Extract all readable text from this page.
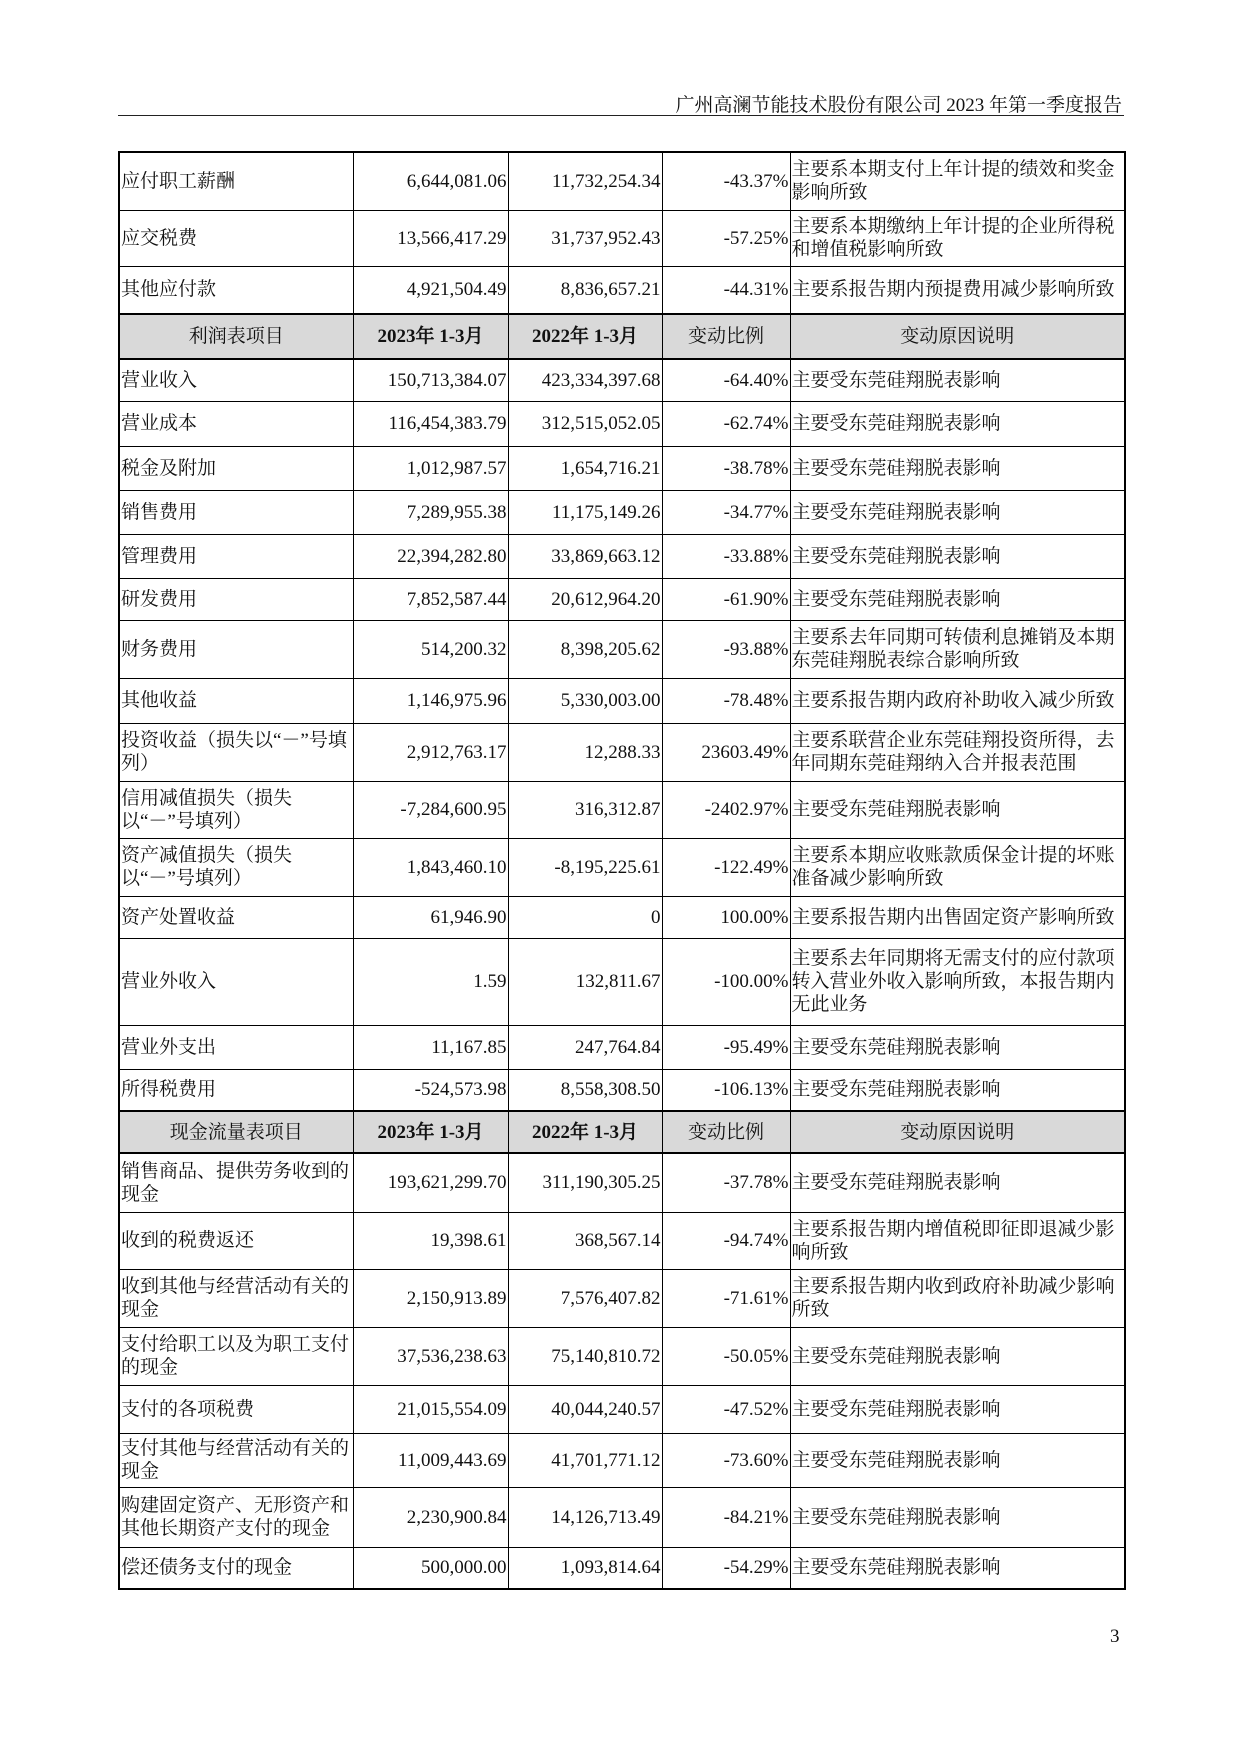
广州高澜节能技术股份有限公司 2023 年第一季度报告
应付职工薪酬	6,644,081.06	11,732,254.34	-43.37%	主要系本期支付上年计提的绩效和奖金影响所致
应交税费	13,566,417.29	31,737,952.43	-57.25%	主要系本期缴纳上年计提的企业所得税和增值税影响所致
其他应付款	4,921,504.49	8,836,657.21	-44.31%	主要系报告期内预提费用减少影响所致
利润表项目	2023年 1-3月	2022年 1-3月	变动比例	变动原因说明
营业收入	150,713,384.07	423,334,397.68	-64.40%	主要受东莞硅翔脱表影响
营业成本	116,454,383.79	312,515,052.05	-62.74%	主要受东莞硅翔脱表影响
税金及附加	1,012,987.57	1,654,716.21	-38.78%	主要受东莞硅翔脱表影响
销售费用	7,289,955.38	11,175,149.26	-34.77%	主要受东莞硅翔脱表影响
管理费用	22,394,282.80	33,869,663.12	-33.88%	主要受东莞硅翔脱表影响
研发费用	7,852,587.44	20,612,964.20	-61.90%	主要受东莞硅翔脱表影响
财务费用	514,200.32	8,398,205.62	-93.88%	主要系去年同期可转债利息摊销及本期东莞硅翔脱表综合影响所致
其他收益	1,146,975.96	5,330,003.00	-78.48%	主要系报告期内政府补助收入减少所致
投资收益（损失以“－”号填列）	2,912,763.17	12,288.33	23603.49%	主要系联营企业东莞硅翔投资所得，去年同期东莞硅翔纳入合并报表范围
信用减值损失（损失以“－”号填列）	-7,284,600.95	316,312.87	-2402.97%	主要受东莞硅翔脱表影响
资产减值损失（损失以“－”号填列）	1,843,460.10	-8,195,225.61	-122.49%	主要系本期应收账款质保金计提的坏账准备减少影响所致
资产处置收益	61,946.90	0	100.00%	主要系报告期内出售固定资产影响所致
营业外收入	1.59	132,811.67	-100.00%	主要系去年同期将无需支付的应付款项转入营业外收入影响所致，本报告期内无此业务
营业外支出	11,167.85	247,764.84	-95.49%	主要受东莞硅翔脱表影响
所得税费用	-524,573.98	8,558,308.50	-106.13%	主要受东莞硅翔脱表影响
现金流量表项目	2023年 1-3月	2022年 1-3月	变动比例	变动原因说明
销售商品、提供劳务收到的现金	193,621,299.70	311,190,305.25	-37.78%	主要受东莞硅翔脱表影响
收到的税费返还	19,398.61	368,567.14	-94.74%	主要系报告期内增值税即征即退减少影响所致
收到其他与经营活动有关的现金	2,150,913.89	7,576,407.82	-71.61%	主要系报告期内收到政府补助减少影响所致
支付给职工以及为职工支付的现金	37,536,238.63	75,140,810.72	-50.05%	主要受东莞硅翔脱表影响
支付的各项税费	21,015,554.09	40,044,240.57	-47.52%	主要受东莞硅翔脱表影响
支付其他与经营活动有关的现金	11,009,443.69	41,701,771.12	-73.60%	主要受东莞硅翔脱表影响
购建固定资产、无形资产和其他长期资产支付的现金	2,230,900.84	14,126,713.49	-84.21%	主要受东莞硅翔脱表影响
偿还债务支付的现金	500,000.00	1,093,814.64	-54.29%	主要受东莞硅翔脱表影响
3
